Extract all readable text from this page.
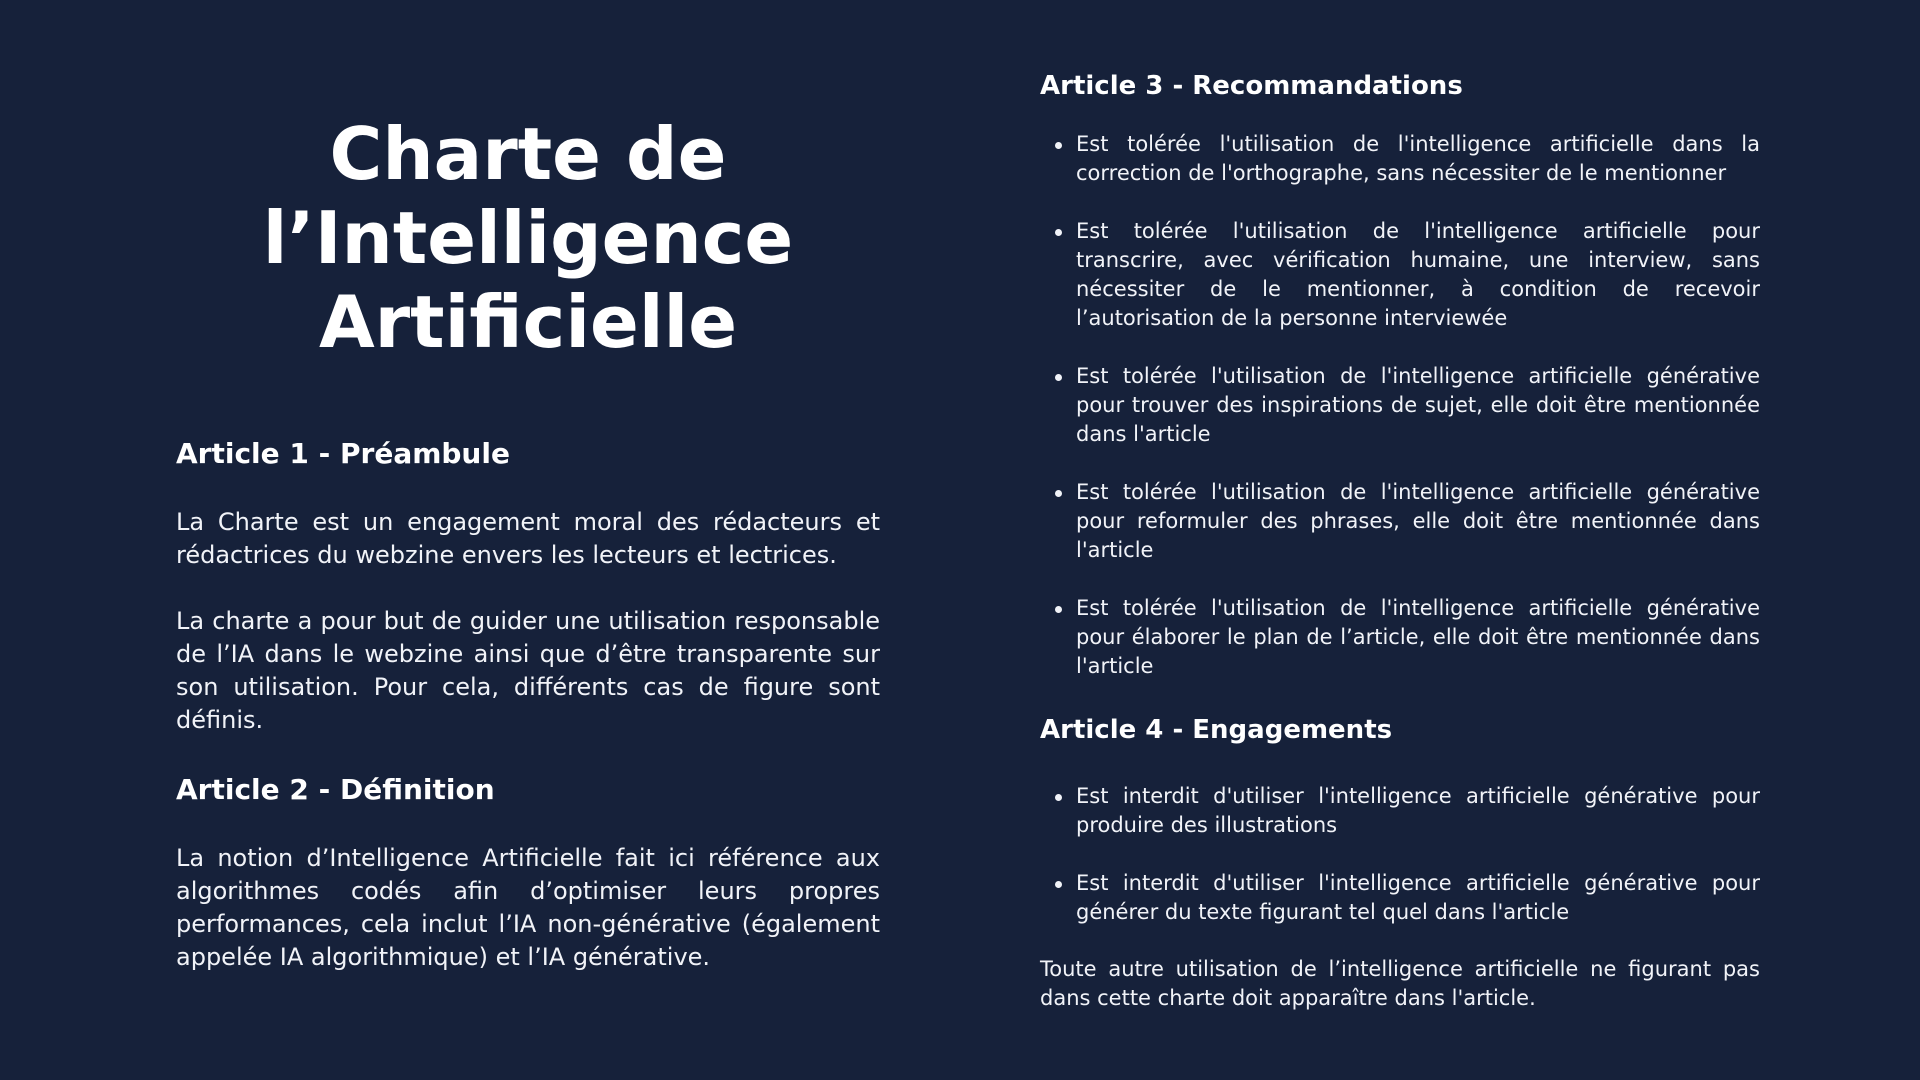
Charte de
l’Intelligence
Artificielle
Article 1 - Préambule

La Charte est un engagement moral des rédacteurs et rédactrices du webzine envers les lecteurs et lectrices.

La charte a pour but de guider une utilisation responsable de l’IA dans le webzine ainsi que d’être transparente sur son utilisation. Pour cela, différents cas de figure sont définis.

Article 2 - Définition

La notion d’Intelligence Artificielle fait ici référence aux algorithmes codés afin d’optimiser leurs propres performances, cela inclut l’IA non-générative (également appelée IA algorithmique) et l’IA générative.

Article 3 - Recommandations
Est tolérée l'utilisation de l'intelligence artificielle dans la correction de l'orthographe, sans nécessiter de le mentionner
Est tolérée l'utilisation de l'intelligence artificielle pour transcrire, avec vérification humaine, une interview, sans nécessiter de le mentionner, à condition de recevoir l’autorisation de la personne interviewée
Est tolérée l'utilisation de l'intelligence artificielle générative pour trouver des inspirations de sujet, elle doit être mentionnée dans l'article
Est tolérée l'utilisation de l'intelligence artificielle générative pour reformuler des phrases, elle doit être mentionnée dans l'article
Est tolérée l'utilisation de l'intelligence artificielle générative pour élaborer le plan de l’article, elle doit être mentionnée dans l'article
Article 4 - Engagements
Est interdit d'utiliser l'intelligence artificielle générative pour produire des illustrations
Est interdit d'utiliser l'intelligence artificielle générative pour générer du texte figurant tel quel dans l'article

Toute autre utilisation de l’intelligence artificielle ne figurant pas dans cette charte doit apparaître dans l'article.
